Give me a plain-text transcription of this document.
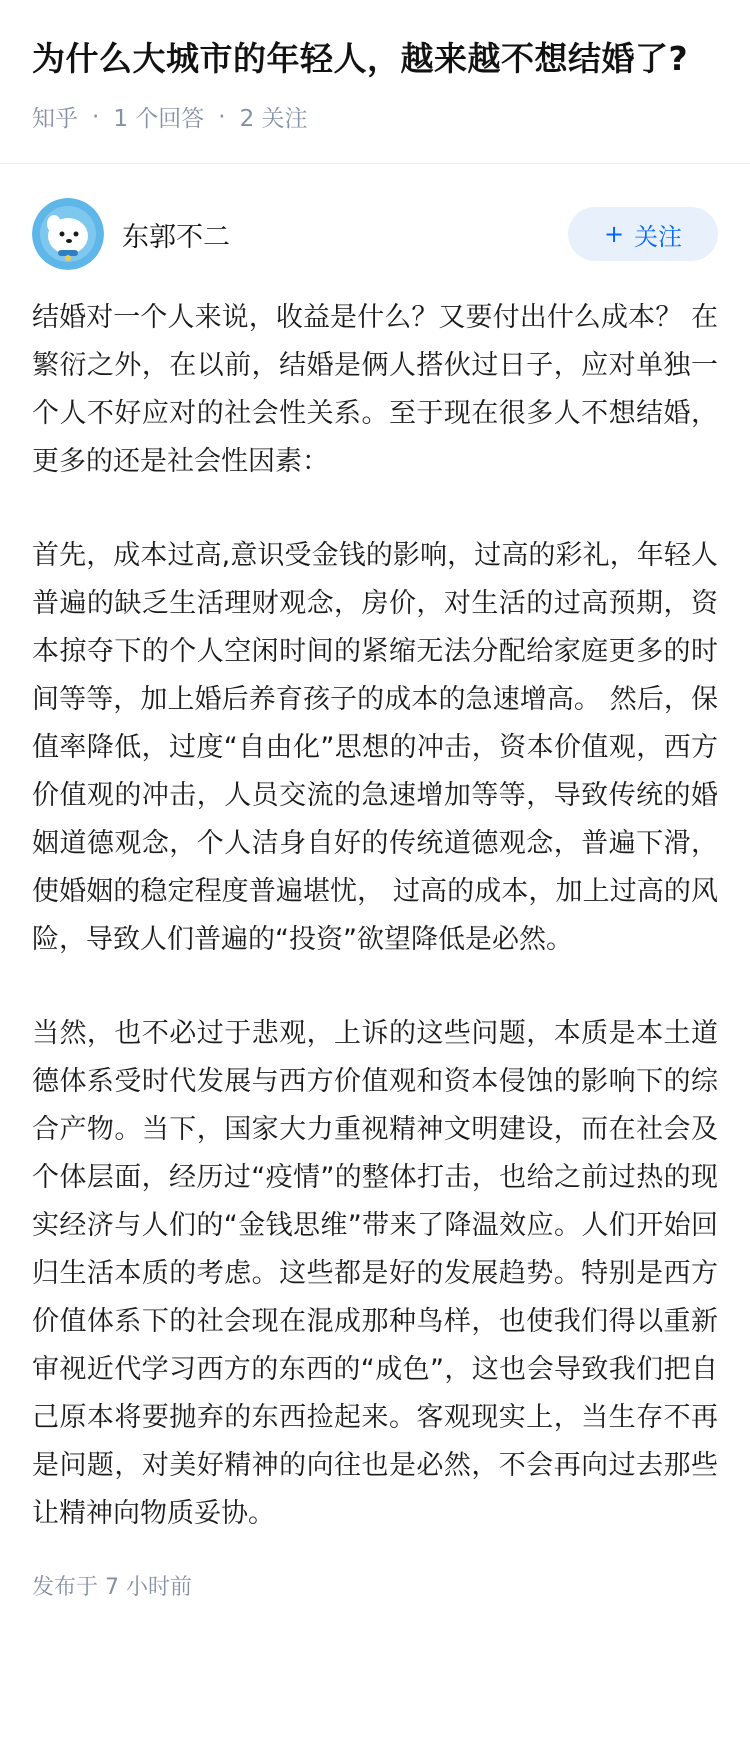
为什么大城市的年轻人，越来越不想结婚了?
知乎 · 1 个回答 · 2 关注
东郭不二	+ 关注

结婚对一个人来说，收益是什么？又要付出什么成本？ 在繁衍之外，在以前，结婚是俩人搭伙过日子，应对单独一个人不好应对的社会性关系。至于现在很多人不想结婚，更多的还是社会性因素：

首先，成本过高,意识受金钱的影响，过高的彩礼，年轻人普遍的缺乏生活理财观念，房价，对生活的过高预期，资本掠夺下的个人空闲时间的紧缩无法分配给家庭更多的时间等等，加上婚后养育孩子的成本的急速增高。 然后，保值率降低，过度“自由化”思想的冲击，资本价值观，西方价值观的冲击，人员交流的急速增加等等，导致传统的婚姻道德观念，个人洁身自好的传统道德观念，普遍下滑，使婚姻的稳定程度普遍堪忧， 过高的成本，加上过高的风险，导致人们普遍的“投资”欲望降低是必然。

当然，也不必过于悲观，上诉的这些问题，本质是本土道德体系受时代发展与西方价值观和资本侵蚀的影响下的综合产物。当下，国家大力重视精神文明建设，而在社会及个体层面，经历过“疫情”的整体打击，也给之前过热的现实经济与人们的“金钱思维”带来了降温效应。人们开始回归生活本质的考虑。这些都是好的发展趋势。特别是西方价值体系下的社会现在混成那种鸟样，也使我们得以重新审视近代学习西方的东西的“成色”，这也会导致我们把自己原本将要抛弃的东西捡起来。客观现实上，当生存不再是问题，对美好精神的向往也是必然，不会再向过去那些让精神向物质妥协。

发布于 7 小时前
